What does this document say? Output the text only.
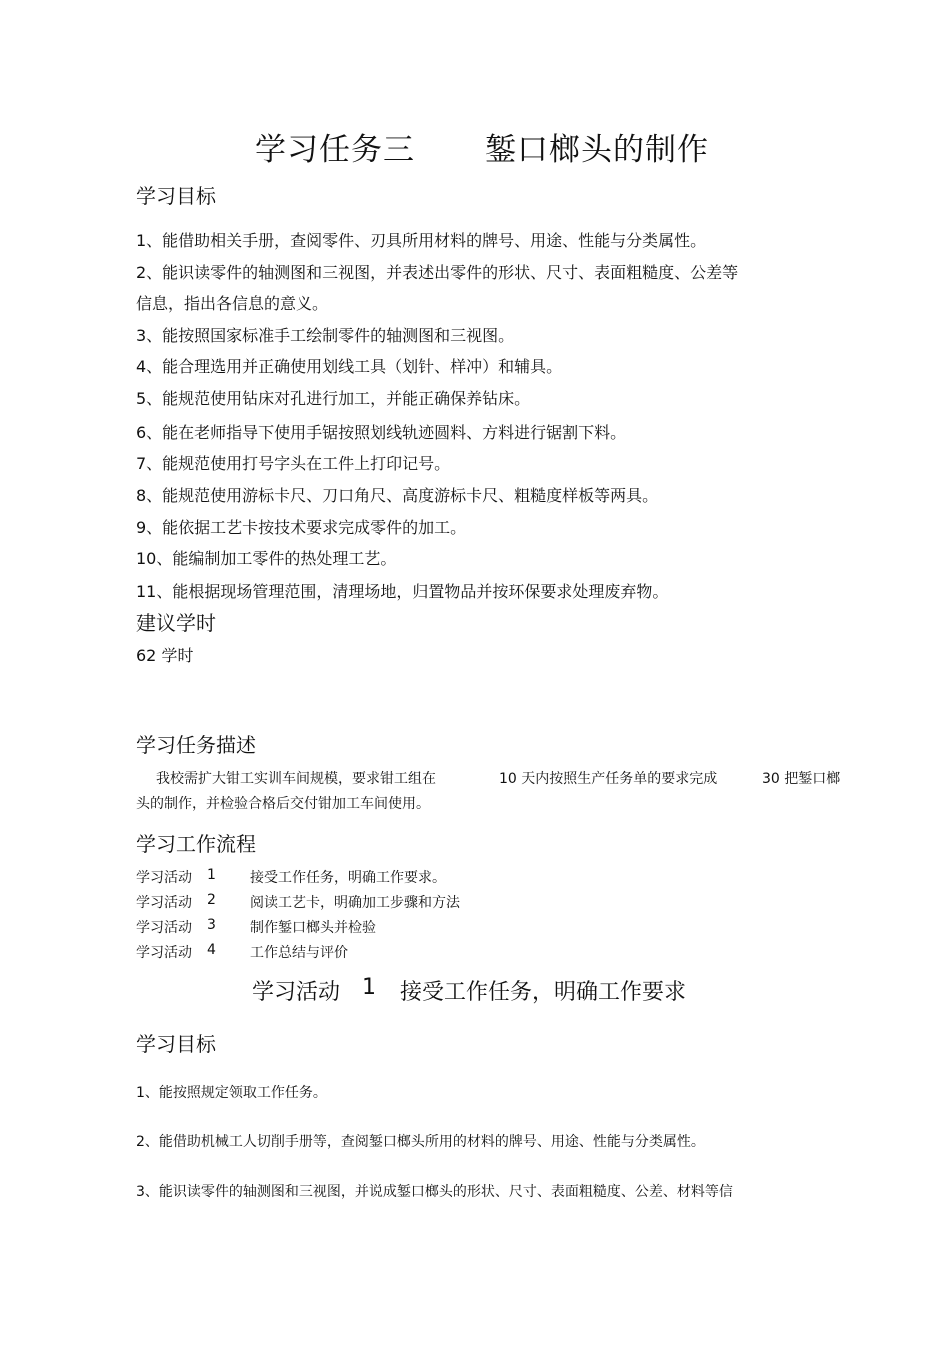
学习任务三 錾口榔头的制作
学习目标
1、能借助相关手册，查阅零件、刃具所用材料的牌号、用途、性能与分类属性。
2、能识读零件的轴测图和三视图，并表述出零件的形状、尺寸、表面粗糙度、公差等
信息，指出各信息的意义。
3、能按照国家标准手工绘制零件的轴测图和三视图。
4、能合理选用并正确使用划线工具（划针、样冲）和辅具。
5、能规范使用钻床对孔进行加工，并能正确保养钻床。
6、能在老师指导下使用手锯按照划线轨迹圆料、方料进行锯割下料。
7、能规范使用打号字头在工件上打印记号。
8、能规范使用游标卡尺、刀口角尺、高度游标卡尺、粗糙度样板等两具。
9、能依据工艺卡按技术要求完成零件的加工。
10、能编制加工零件的热处理工艺。
11、能根据现场管理范围，清理场地，归置物品并按环保要求处理废弃物。
建议学时
62 学时
学习任务描述
我校需扩大钳工实训车间规模，要求钳工组在	10 天内按照生产任务单的要求完成	30 把錾口榔
头的制作，并检验合格后交付钳加工车间使用。
学习工作流程
学习活动 1 接受工作任务，明确工作要求。
学习活动 2 阅读工艺卡，明确加工步骤和方法
学习活动 3 制作錾口榔头并检验
学习活动 4 工作总结与评价
学习活动 1 接受工作任务，明确工作要求
学习目标
1、能按照规定领取工作任务。
2、能借助机械工人切削手册等，查阅錾口榔头所用的材料的牌号、用途、性能与分类属性。
3、能识读零件的轴测图和三视图，并说成錾口榔头的形状、尺寸、表面粗糙度、公差、材料等信
